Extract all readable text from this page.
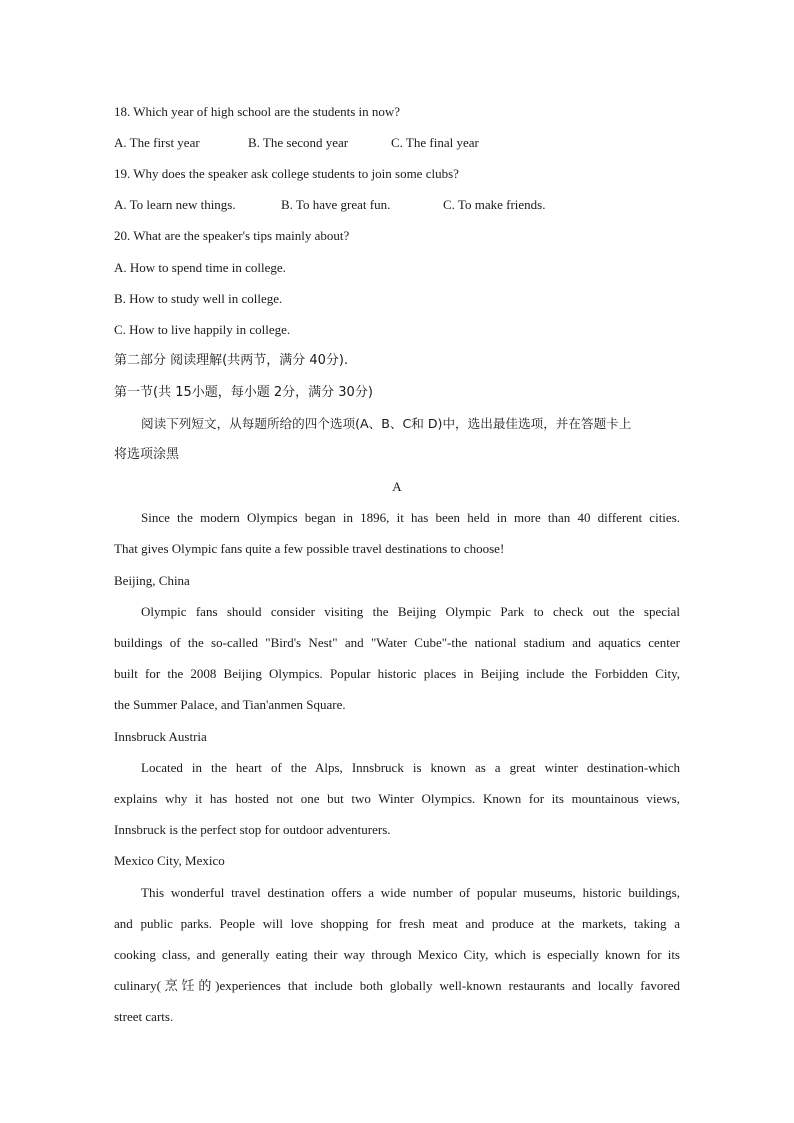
18. Which year of high school are the students in now?
A. The first year	B. The second year	C. The final year
19. Why does the speaker ask college students to join some clubs?
A. To learn new things.	B. To have great fun.	C. To make friends.
20. What are the speaker's tips mainly about?
A. How to spend time in college.
B. How to study well in college.
C. How to live happily in college.
第二部分 阅读理解(共两节，满分 40分).
第一节(共 15小题，每小题 2分，满分 30分)
阅读下列短文，从每题所给的四个选项(A、B、C和 D)中，选出最佳选项，并在答题卡上
将选项涂黑
A
Since the modern Olympics began in 1896, it has been held in more than 40 different cities.
That gives Olympic fans quite a few possible travel destinations to choose!
Beijing, China
Olympic fans should consider visiting the Beijing Olympic Park to check out the special
buildings of the so-called "Bird's Nest" and "Water Cube"-the national stadium and aquatics center
built for the 2008 Beijing Olympics. Popular historic places in Beijing include the Forbidden City,
the Summer Palace, and Tian'anmen Square.
Innsbruck Austria
Located in the heart of the Alps, Innsbruck is known as a great winter destination-which
explains why it has hosted not one but two Winter Olympics. Known for its mountainous views,
Innsbruck is the perfect stop for outdoor adventurers.
Mexico City, Mexico
This wonderful travel destination offers a wide number of popular museums, historic buildings,
and public parks. People will love shopping for fresh meat and produce at the markets, taking a
cooking class, and generally eating their way through Mexico City, which is especially known for its
culinary(烹饪的)experiences that include both globally well-known restaurants and locally favored
street carts.
